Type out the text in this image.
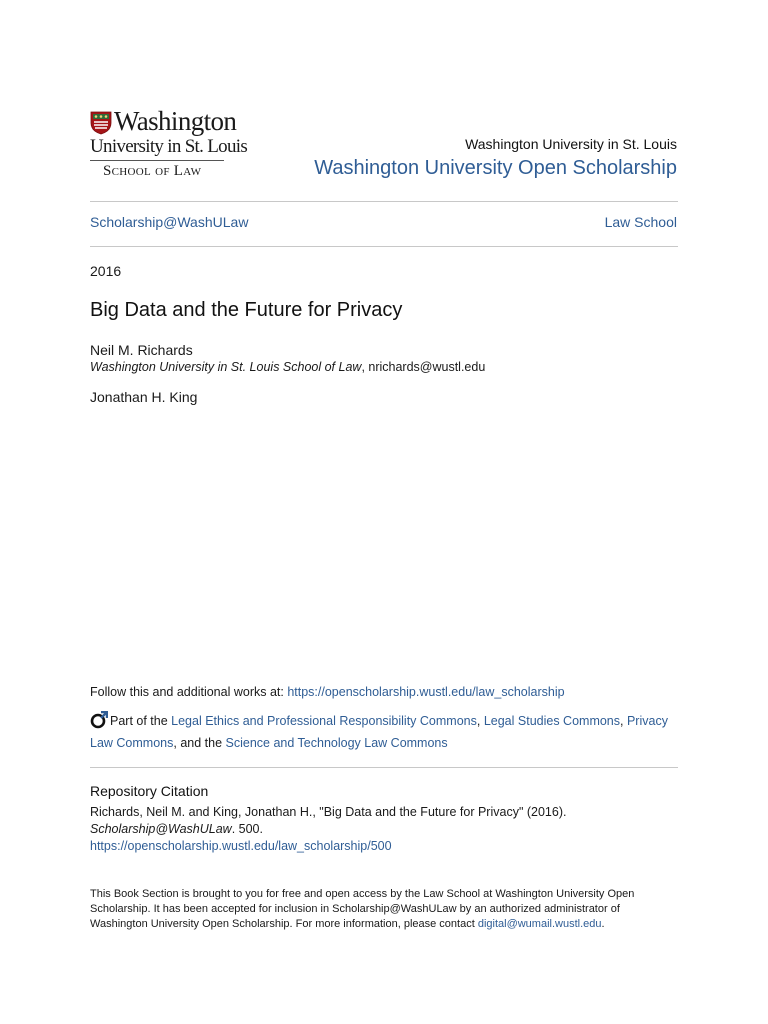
Washington
University in St. Louis
School of Law
Washington University in St. Louis
Washington University Open Scholarship
Scholarship@WashULaw	Law School
2016
Big Data and the Future for Privacy
Neil M. Richards
Washington University in St. Louis School of Law, nrichards@wustl.edu
Jonathan H. King
Follow this and additional works at: https://openscholarship.wustl.edu/law_scholarship
Part of the Legal Ethics and Professional Responsibility Commons, Legal Studies Commons, Privacy Law Commons, and the Science and Technology Law Commons
Repository Citation
Richards, Neil M. and King, Jonathan H., "Big Data and the Future for Privacy" (2016).
Scholarship@WashULaw. 500.
https://openscholarship.wustl.edu/law_scholarship/500
This Book Section is brought to you for free and open access by the Law School at Washington University Open Scholarship. It has been accepted for inclusion in Scholarship@WashULaw by an authorized administrator of Washington University Open Scholarship. For more information, please contact digital@wumail.wustl.edu.
